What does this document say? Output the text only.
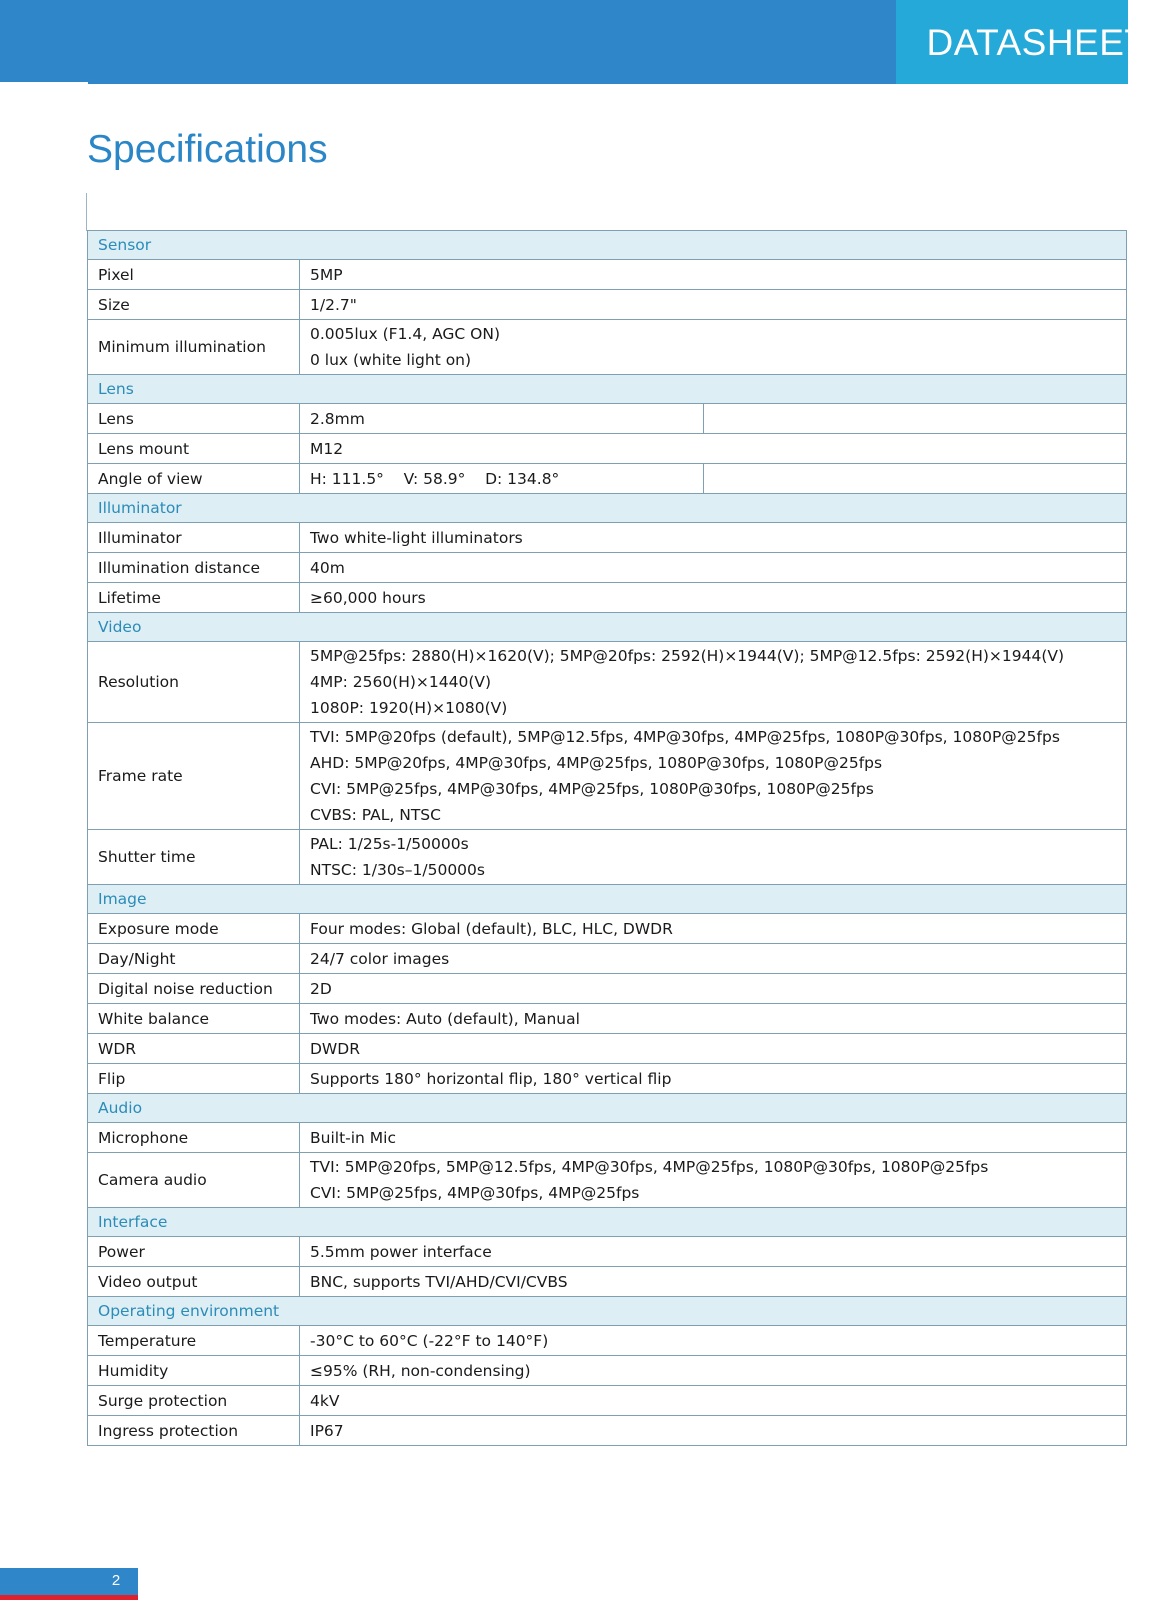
DATASHEET
Specifications
Sensor		
Pixel	5MP	
Size	1/2.7"	
Minimum illumination	0.005lux (F1.4, AGC ON)
0 lux (white light on)	

Lens		
Lens	2.8mm	
Lens mount	M12	
Angle of view	H: 111.5°    V: 58.9°    D: 134.8°	
Illuminator		
Illuminator	Two white-light illuminators	
Illumination distance	40m	
Lifetime	≥60,000 hours	
Video		
Resolution	5MP@25fps: 2880(H)×1620(V); 5MP@20fps: 2592(H)×1944(V); 5MP@12.5fps: 2592(H)×1944(V)
4MP: 2560(H)×1440(V)
1080P: 1920(H)×1080(V)	

Frame rate	TVI: 5MP@20fps (default), 5MP@12.5fps, 4MP@30fps, 4MP@25fps, 1080P@30fps, 1080P@25fps
AHD: 5MP@20fps, 4MP@30fps, 4MP@25fps, 1080P@30fps, 1080P@25fps
CVI: 5MP@25fps, 4MP@30fps, 4MP@25fps, 1080P@30fps, 1080P@25fps
CVBS: PAL, NTSC	

Shutter time	PAL: 1/25s-1/50000s
NTSC: 1/30s–1/50000s	

Image		
Exposure mode	Four modes: Global (default), BLC, HLC, DWDR	
Day/Night	24/7 color images	
Digital noise reduction	2D	
White balance	Two modes: Auto (default), Manual	
WDR	DWDR	
Flip	Supports 180° horizontal flip, 180° vertical flip	
Audio		
Microphone	Built-in Mic	
Camera audio	TVI: 5MP@20fps, 5MP@12.5fps, 4MP@30fps, 4MP@25fps, 1080P@30fps, 1080P@25fps
CVI: 5MP@25fps, 4MP@30fps, 4MP@25fps	

Interface		
Power	5.5mm power interface	
Video output	BNC, supports TVI/AHD/CVI/CVBS	
Operating environment		
Temperature	-30°C to 60°C (-22°F to 140°F)	
Humidity	≤95% (RH, non-condensing)	
Surge protection	4kV	
Ingress protection	IP67	
2
